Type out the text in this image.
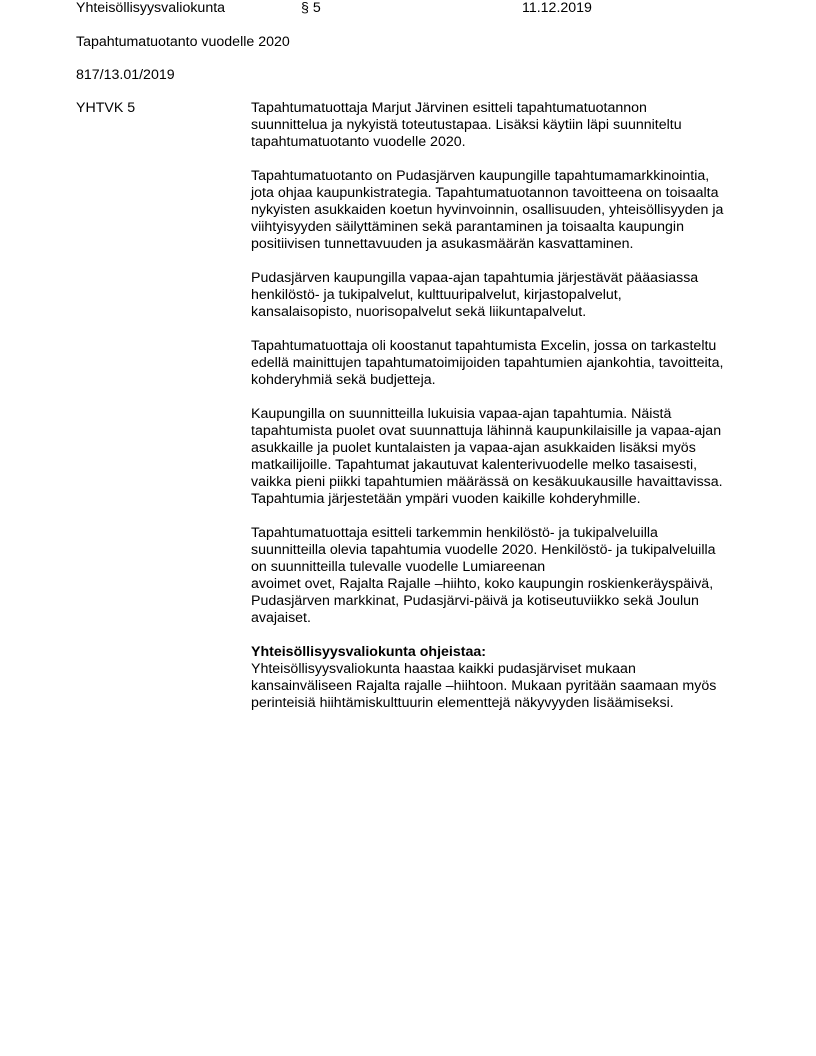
Yhteisöllisyysvaliokunta	§ 5	11.12.2019
Tapahtumatuotanto vuodelle 2020
817/13.01/2019
YHTVK 5	Tapahtumatuottaja Marjut Järvinen esitteli tapahtumatuotannon
suunnittelua ja nykyistä toteutustapaa. Lisäksi käytiin läpi suunniteltu
tapahtumatuotanto vuodelle 2020.
Tapahtumatuotanto on Pudasjärven kaupungille tapahtumamarkkinointia,
jota ohjaa kaupunkistrategia. Tapahtumatuotannon tavoitteena on toisaalta
nykyisten asukkaiden koetun hyvinvoinnin, osallisuuden, yhteisöllisyyden ja
viihtyisyyden säilyttäminen sekä parantaminen ja toisaalta kaupungin
positiivisen tunnettavuuden ja asukasmäärän kasvattaminen.
Pudasjärven kaupungilla vapaa-ajan tapahtumia järjestävät pääasiassa
henkilöstö- ja tukipalvelut, kulttuuripalvelut, kirjastopalvelut,
kansalaisopisto, nuorisopalvelut sekä liikuntapalvelut.
Tapahtumatuottaja oli koostanut tapahtumista Excelin, jossa on tarkasteltu
edellä mainittujen tapahtumatoimijoiden tapahtumien ajankohtia, tavoitteita,
kohderyhmiä sekä budjetteja.
Kaupungilla on suunnitteilla lukuisia vapaa-ajan tapahtumia. Näistä
tapahtumista puolet ovat suunnattuja lähinnä kaupunkilaisille ja vapaa-ajan
asukkaille ja puolet kuntalaisten ja vapaa-ajan asukkaiden lisäksi myös
matkailijoille. Tapahtumat jakautuvat kalenterivuodelle melko tasaisesti,
vaikka pieni piikki tapahtumien määrässä on kesäkuukausille havaittavissa.
Tapahtumia järjestetään ympäri vuoden kaikille kohderyhmille.
Tapahtumatuottaja esitteli tarkemmin henkilöstö- ja tukipalveluilla
suunnitteilla olevia tapahtumia vuodelle 2020. Henkilöstö- ja tukipalveluilla
on suunnitteilla tulevalle vuodelle Lumiareenan
avoimet ovet, Rajalta Rajalle –hiihto, koko kaupungin roskienkeräyspäivä,
Pudasjärven markkinat, Pudasjärvi-päivä ja kotiseutuviikko sekä Joulun
avajaiset.
Yhteisöllisyysvaliokunta ohjeistaa:
Yhteisöllisyysvaliokunta haastaa kaikki pudasjärviset mukaan
kansainväliseen Rajalta rajalle –hiihtoon. Mukaan pyritään saamaan myös
perinteisiä hiihtämiskulttuurin elementtejä näkyvyyden lisäämiseksi.
